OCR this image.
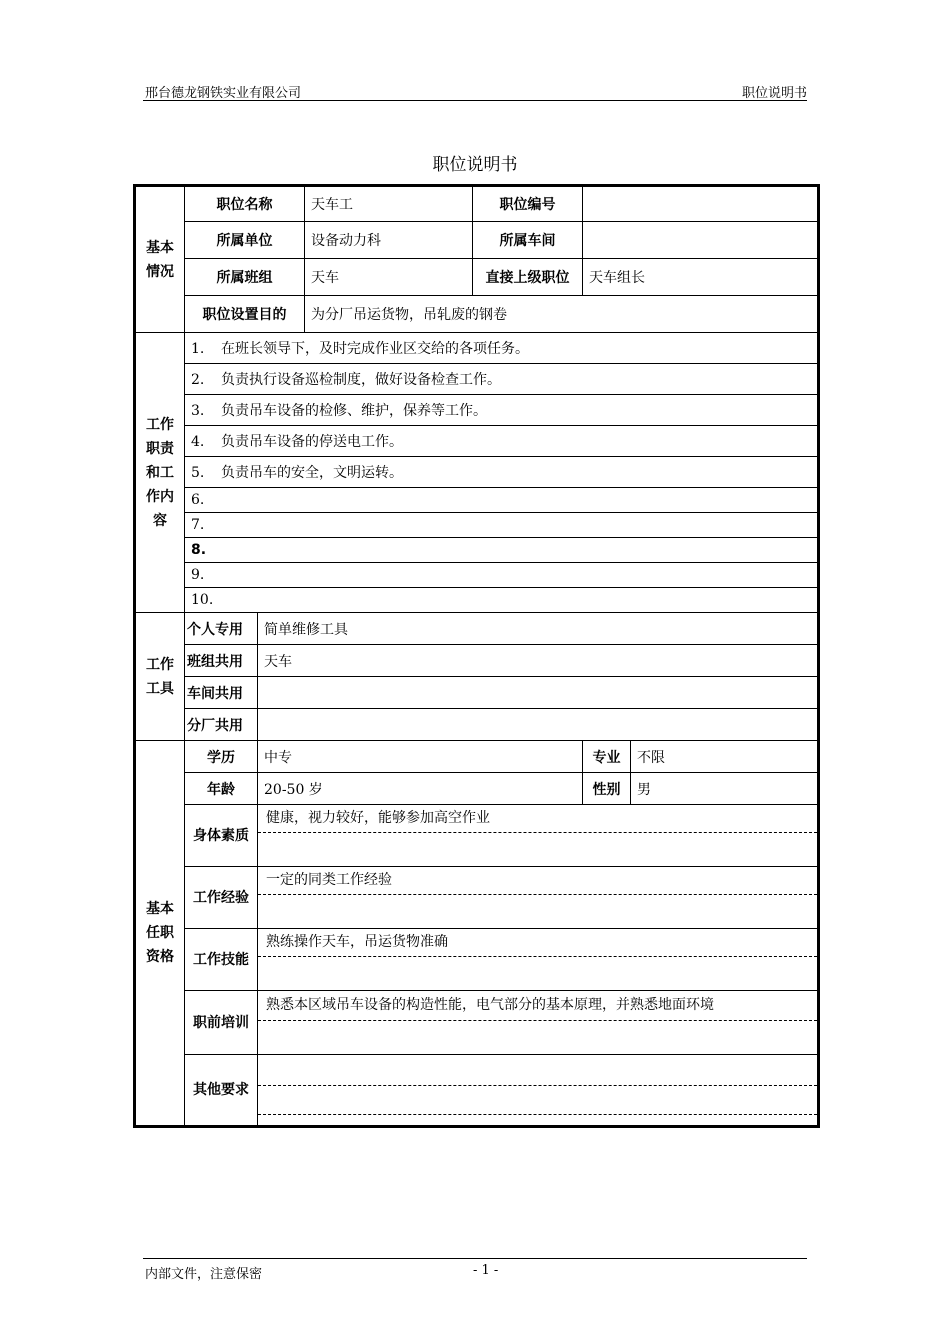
邢台德龙钢铁实业有限公司	职位说明书
职位说明书
基本情况	职位名称		天车工	职位编号		
	所属单位		设备动力科	所属车间		
	所属班组		天车	直接上级职位	天车组长	
	职位设置目的		为分厂吊运货物，吊轧废的钢卷			
工作职责和工作内容	1. 在班长领导下，及时完成作业区交给的各项任务。					
	2. 负责执行设备巡检制度，做好设备检查工作。					
	3. 负责吊车设备的检修、维护，保养等工作。					
	4. 负责吊车设备的停送电工作。					
	5. 负责吊车的安全，文明运转。					
	6.					
	7.					
	8.					
	9.					
	10.					
工作工具	个人专用	简单维修工具				
	班组共用	天车				
	车间共用					
	分厂共用					
基本任职资格	学历	中专			专业	不限
	年龄	20-50 岁			性别	男
	身体素质	健康，视力较好，能够参加高空作业				

	工作经验	一定的同类工作经验				

	工作技能	熟练操作天车，吊运货物准确				

	职前培训	熟悉本区域吊车设备的构造性能，电气部分的基本原理，并熟悉地面环境				

	其他要求					
内部文件，注意保密	- 1 -
